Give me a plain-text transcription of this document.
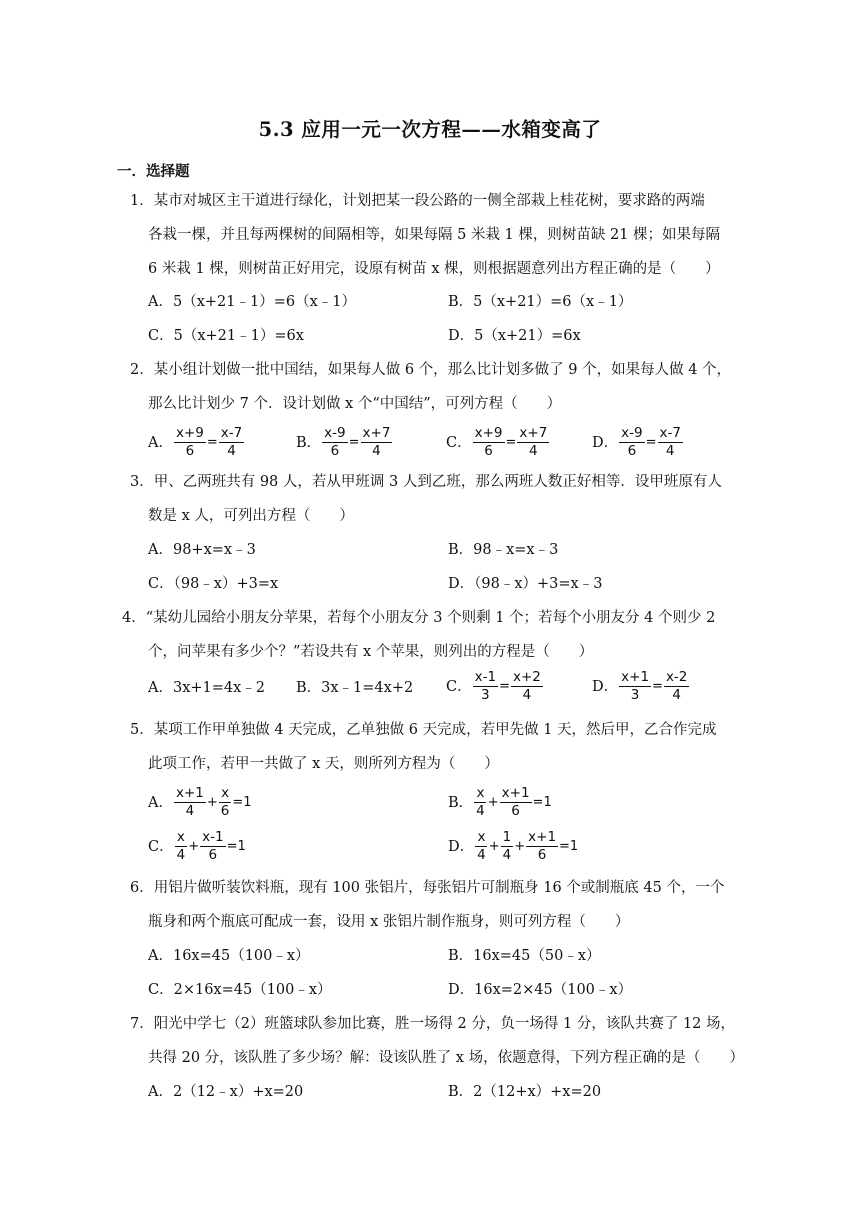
5.3 应用一元一次方程——水箱变高了
一．选择题
1．某市对城区主干道进行绿化，计划把某一段公路的一侧全部栽上桂花树，要求路的两端
各栽一棵，并且每两棵树的间隔相等，如果每隔 5 米栽 1 棵，则树苗缺 21 棵；如果每隔
6 米栽 1 棵，则树苗正好用完，设原有树苗 x 棵，则根据题意列出方程正确的是（　　）
A．5（x+21﹣1）=6（x﹣1）	B．5（x+21）=6（x﹣1）
C．5（x+21﹣1）=6x	D．5（x+21）=6x
2．某小组计划做一批中国结，如果每人做 6 个，那么比计划多做了 9 个，如果每人做 4 个，
那么比计划少 7 个．设计划做 x 个“中国结”，可列方程（　　）
A． $\frac{x+9}{6} = \frac{x-7}{4}$	B． $\frac{x-9}{6} = \frac{x+7}{4}$	C． $\frac{x+9}{6} = \frac{x+7}{4}$	D． $\frac{x-9}{6} = \frac{x-7}{4}$
3．甲、乙两班共有 98 人，若从甲班调 3 人到乙班，那么两班人数正好相等．设甲班原有人
数是 x 人，可列出方程（　　）
A．98+x=x﹣3	B．98﹣x=x﹣3
C．（98﹣x）+3=x	D．（98﹣x）+3=x﹣3
4．“某幼儿园给小朋友分苹果，若每个小朋友分 3 个则剩 1 个；若每个小朋友分 4 个则少 2
个，问苹果有多少个？”若设共有 x 个苹果，则列出的方程是（　　）
A．3x+1=4x﹣2 B．3x﹣1=4x+2 C． $\frac{x-1}{3} = \frac{x+2}{4}$	D． $\frac{x+1}{3} = \frac{x-2}{4}$
5．某项工作甲单独做 4 天完成，乙单独做 6 天完成，若甲先做 1 天，然后甲，乙合作完成
此项工作，若甲一共做了 x 天，则所列方程为（　　）
A． $\frac{x+1}{4} + \frac{x}{6} =1$	B． $\frac{x}{4} + \frac{x+1}{6} =1$
C． $\frac{x}{4} + \frac{x-1}{6} =1$	D． $\frac{x}{4} + \frac{1}{4} + \frac{x+1}{6} =1$
6．用铝片做听装饮料瓶，现有 100 张铝片，每张铝片可制瓶身 16 个或制瓶底 45 个，一个
瓶身和两个瓶底可配成一套，设用 x 张铝片制作瓶身，则可列方程（　　）
A．16x=45（100﹣x）	B．16x=45（50﹣x）
C．2×16x=45（100﹣x）	D．16x=2×45（100﹣x）
7．阳光中学七（2）班篮球队参加比赛，胜一场得 2 分，负一场得 1 分，该队共赛了 12 场，
共得 20 分，该队胜了多少场？解：设该队胜了 x 场，依题意得，下列方程正确的是（　　）
A．2（12﹣x）+x=20	B．2（12+x）+x=20
